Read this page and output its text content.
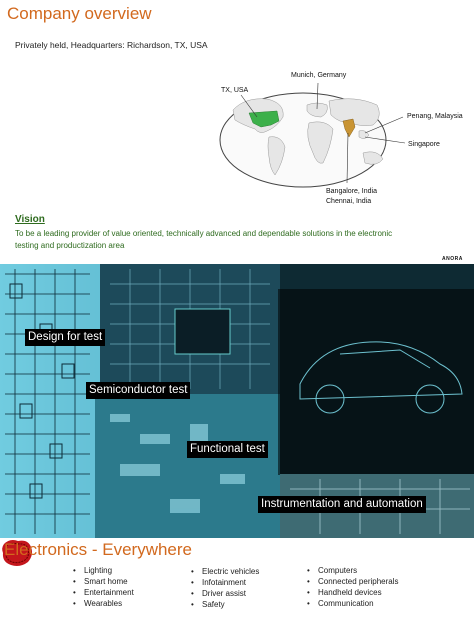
Company overview
Privately held, Headquarters: Richardson, TX, USA
TX, USA
Munich, Germany
Penang, Malaysia
Singapore
Bangalore, India
Chennai, India
Vision
To be a leading provider of value oriented, technically advanced and dependable solutions in the electronic testing and productization area
ANORA
Design for test
Semiconductor test
Functional test
Instrumentation and automation
Electronics - Everywhere
• Lighting
• Smart home
• Entertainment
• Wearables
• Electric vehicles
• Infotainment
• Driver assist
• Safety
• Computers
• Connected peripherals
• Handheld devices
• Communication
